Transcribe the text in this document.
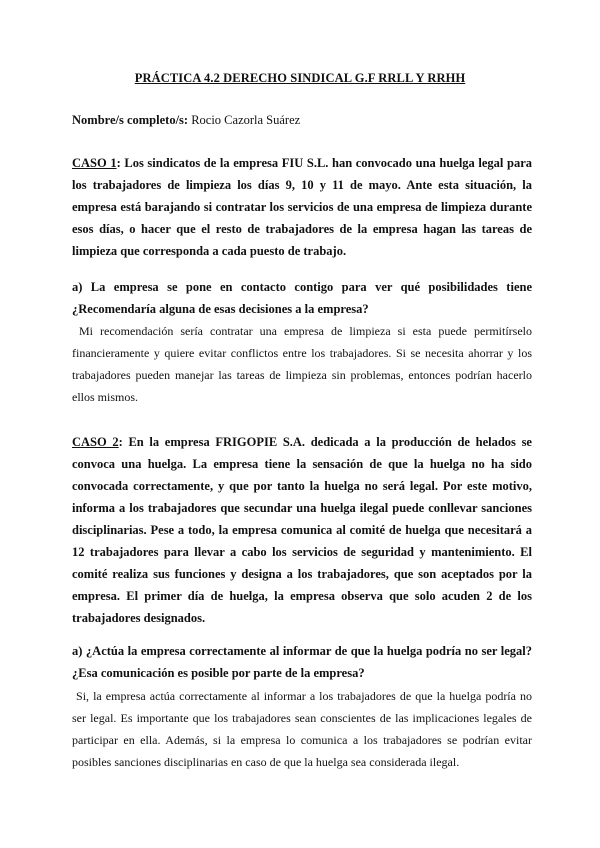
PRÁCTICA 4.2 DERECHO SINDICAL G.F RRLL Y RRHH
Nombre/s completo/s: Rocio Cazorla Suárez
CASO 1: Los sindicatos de la empresa FIU S.L. han convocado una huelga legal para los trabajadores de limpieza los días 9, 10 y 11 de mayo. Ante esta situación, la empresa está barajando si contratar los servicios de una empresa de limpieza durante esos días, o hacer que el resto de trabajadores de la empresa hagan las tareas de limpieza que corresponda a cada puesto de trabajo.
a) La empresa se pone en contacto contigo para ver qué posibilidades tiene ¿Recomendaría alguna de esas decisiones a la empresa?
Mi recomendación sería contratar una empresa de limpieza si esta puede permitírselo financieramente y quiere evitar conflictos entre los trabajadores. Si se necesita ahorrar y los trabajadores pueden manejar las tareas de limpieza sin problemas, entonces podrían hacerlo ellos mismos.
CASO 2: En la empresa FRIGOPIE S.A. dedicada a la producción de helados se convoca una huelga. La empresa tiene la sensación de que la huelga no ha sido convocada correctamente, y que por tanto la huelga no será legal. Por este motivo, informa a los trabajadores que secundar una huelga ilegal puede conllevar sanciones disciplinarias. Pese a todo, la empresa comunica al comité de huelga que necesitará a 12 trabajadores para llevar a cabo los servicios de seguridad y mantenimiento. El comité realiza sus funciones y designa a los trabajadores, que son aceptados por la empresa. El primer día de huelga, la empresa observa que solo acuden 2 de los trabajadores designados.
a) ¿Actúa la empresa correctamente al informar de que la huelga podría no ser legal?¿Esa comunicación es posible por parte de la empresa?
Si, la empresa actúa correctamente al informar a los trabajadores de que la huelga podría no ser legal. Es importante que los trabajadores sean conscientes de las implicaciones legales de participar en ella. Además, si la empresa lo comunica a los trabajadores se podrían evitar posibles sanciones disciplinarias en caso de que la huelga sea considerada ilegal.
